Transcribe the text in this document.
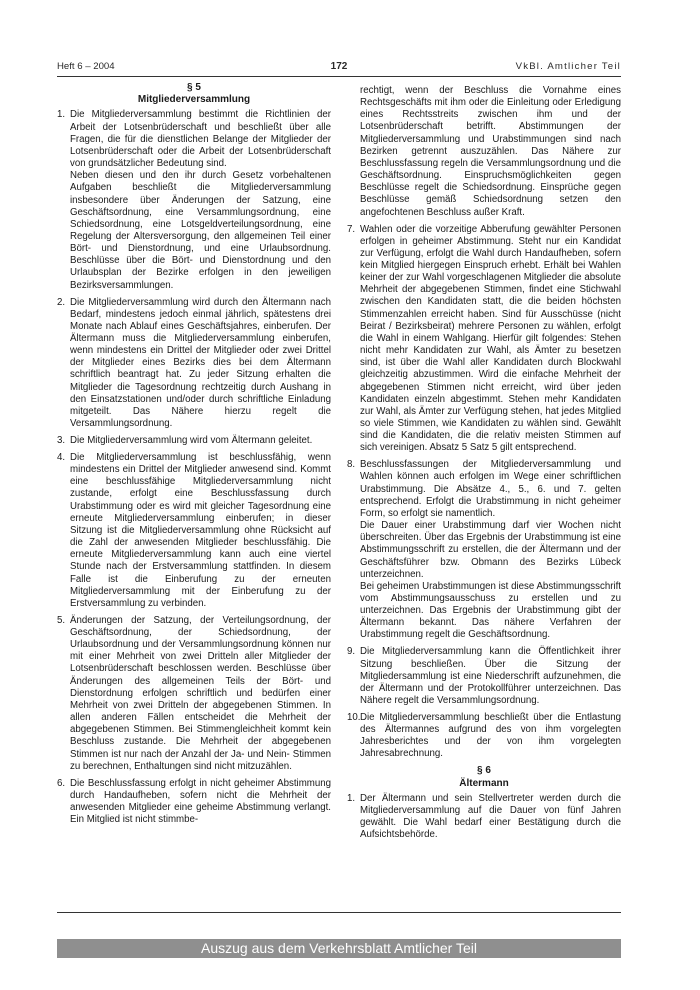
Heft 6 – 2004	172	VkBl. Amtlicher Teil

§ 5

Mitgliederversammlung

1. Die Mitgliederversammlung bestimmt die Richtlinien der Arbeit der Lotsenbrüderschaft und beschließt über alle Fragen, die für die dienstlichen Belange der Mitglieder der Lotsenbrüderschaft oder die Arbeit der Lotsenbrüderschaft von grundsätzlicher Bedeutung sind.

Neben diesen und den ihr durch Gesetz vorbehaltenen Aufgaben beschließt die Mitgliederversammlung insbesondere über Änderungen der Satzung, eine Geschäftsordnung, eine Versammlungsordnung, eine Schiedsordnung, eine Lotsgeldverteilungsordnung, eine Regelung der Altersversorgung, den allgemeinen Teil einer Bört- und Dienstordnung, und eine Urlaubsordnung. Beschlüsse über die Bört- und Dienstordnung und den Urlaubsplan der Bezirke erfolgen in den jeweiligen Bezirksversammlungen.

2. Die Mitgliederversammlung wird durch den Ältermann nach Bedarf, mindestens jedoch einmal jährlich, spätestens drei Monate nach Ablauf eines Geschäftsjahres, einberufen. Der Ältermann muss die Mitgliederversammlung einberufen, wenn mindestens ein Drittel der Mitglieder oder zwei Drittel der Mitglieder eines Bezirks dies bei dem Ältermann schriftlich beantragt hat. Zu jeder Sitzung erhalten die Mitglieder die Tagesordnung rechtzeitig durch Aushang in den Einsatzstationen und/oder durch schriftliche Einladung mitgeteilt. Das Nähere hierzu regelt die Versammlungsordnung.

3. Die Mitgliederversammlung wird vom Ältermann geleitet.

4. Die Mitgliederversammlung ist beschlussfähig, wenn mindestens ein Drittel der Mitglieder anwesend sind. Kommt eine beschlussfähige Mitgliederversammlung nicht zustande, erfolgt eine Beschlussfassung durch Urabstimmung oder es wird mit gleicher Tagesordnung eine erneute Mitgliederversammlung einberufen; in dieser Sitzung ist die Mitgliederversammlung ohne Rücksicht auf die Zahl der anwesenden Mitglieder beschlussfähig. Die erneute Mitgliederversammlung kann auch eine viertel Stunde nach der Erstversammlung stattfinden. In diesem Falle ist die Einberufung zu der erneuten Mitgliederversammlung mit der Einberufung zu der Erstversammlung zu verbinden.

5. Änderungen der Satzung, der Verteilungsordnung, der Geschäftsordnung, der Schiedsordnung, der Urlaubsordnung und der Versammlungsordnung können nur mit einer Mehrheit von zwei Dritteln aller Mitglieder der Lotsenbrüderschaft beschlossen werden. Beschlüsse über Änderungen des allgemeinen Teils der Bört- und Dienstordnung erfolgen schriftlich und bedürfen einer Mehrheit von zwei Dritteln der abgegebenen Stimmen. In allen anderen Fällen entscheidet die Mehrheit der abgegebenen Stimmen. Bei Stimmengleichheit kommt kein Beschluss zustande. Die Mehrheit der abgegebenen Stimmen ist nur nach der Anzahl der Ja- und Nein- Stimmen zu berechnen, Enthaltungen sind nicht mitzuzählen.

6. Die Beschlussfassung erfolgt in nicht geheimer Abstimmung durch Handaufheben, sofern nicht die Mehrheit der anwesenden Mitglieder eine geheime Abstimmung verlangt. Ein Mitglied ist nicht stimmbe-

rechtigt, wenn der Beschluss die Vornahme eines Rechtsgeschäfts mit ihm oder die Einleitung oder Erledigung eines Rechtsstreits zwischen ihm und der Lotsenbrüderschaft betrifft. Abstimmungen der Mitgliederversammlung und Urabstimmungen sind nach Bezirken getrennt auszuzählen. Das Nähere zur Beschlussfassung regeln die Versammlungsordnung und die Geschäftsordnung. Einspruchsmöglichkeiten gegen Beschlüsse regelt die Schiedsordnung. Einsprüche gegen Beschlüsse gemäß Schiedsordnung setzen den angefochtenen Beschluss außer Kraft.

7. Wahlen oder die vorzeitige Abberufung gewählter Personen erfolgen in geheimer Abstimmung. Steht nur ein Kandidat zur Verfügung, erfolgt die Wahl durch Handaufheben, sofern kein Mitglied hiergegen Einspruch erhebt. Erhält bei Wahlen keiner der zur Wahl vorgeschlagenen Mitglieder die absolute Mehrheit der abgegebenen Stimmen, findet eine Stichwahl zwischen den Kandidaten statt, die die beiden höchsten Stimmenzahlen erreicht haben. Sind für Ausschüsse (nicht Beirat / Bezirksbeirat) mehrere Personen zu wählen, erfolgt die Wahl in einem Wahlgang. Hierfür gilt folgendes: Stehen nicht mehr Kandidaten zur Wahl, als Ämter zu besetzen sind, ist über die Wahl aller Kandidaten durch Blockwahl gleichzeitig abzustimmen. Wird die einfache Mehrheit der abgegebenen Stimmen nicht erreicht, wird über jeden Kandidaten einzeln abgestimmt. Stehen mehr Kandidaten zur Wahl, als Ämter zur Verfügung stehen, hat jedes Mitglied so viele Stimmen, wie Kandidaten zu wählen sind. Gewählt sind die Kandidaten, die die relativ meisten Stimmen auf sich vereinigen. Absatz 5 Satz 5 gilt entsprechend.

8. Beschlussfassungen der Mitgliederversammlung und Wahlen können auch erfolgen im Wege einer schriftlichen Urabstimmung. Die Absätze 4., 5., 6. und 7. gelten entsprechend. Erfolgt die Urabstimmung in nicht geheimer Form, so erfolgt sie namentlich.

Die Dauer einer Urabstimmung darf vier Wochen nicht überschreiten. Über das Ergebnis der Urabstimmung ist eine Abstimmungsschrift zu erstellen, die der Ältermann und der Geschäftsführer bzw. Obmann des Bezirks Lübeck unterzeichnen.

Bei geheimen Urabstimmungen ist diese Abstimmungsschrift vom Abstimmungsausschuss zu erstellen und zu unterzeichnen. Das Ergebnis der Urabstimmung gibt der Ältermann bekannt. Das nähere Verfahren der Urabstimmung regelt die Geschäftsordnung.

9. Die Mitgliederversammlung kann die Öffentlichkeit ihrer Sitzung beschließen. Über die Sitzung der Mitgliedersammlung ist eine Niederschrift aufzunehmen, die der Ältermann und der Protokollführer unterzeichnen. Das Nähere regelt die Versammlungsordnung.

10. Die Mitgliederversammlung beschließt über die Entlastung des Ältermannes aufgrund des von ihm vorgelegten Jahresberichtes und der von ihm vorgelegten Jahresabrechnung.

§ 6

Ältermann

1. Der Ältermann und sein Stellvertreter werden durch die Mitgliederversammlung auf die Dauer von fünf Jahren gewählt. Die Wahl bedarf einer Bestätigung durch die Aufsichtsbehörde.

Auszug aus dem Verkehrsblatt Amtlicher Teil
